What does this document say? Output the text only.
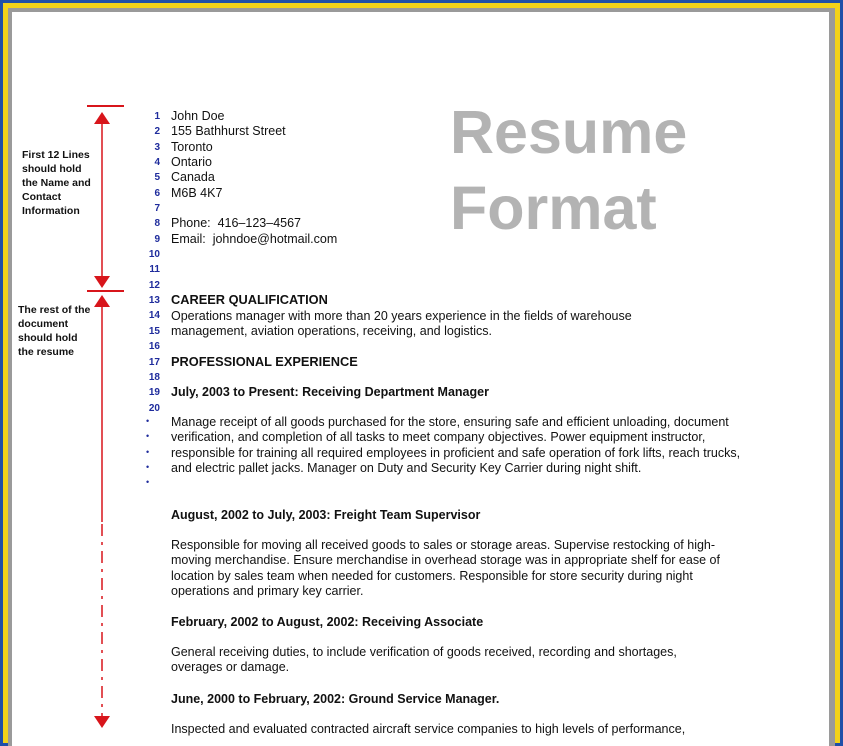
First 12 Lines should hold the Name and Contact Information

The rest of the document should hold the resume

1
2
3
4
5
6
7
8
9
10
11
12
13
14
15
16
17
18
19
20
•
•
•
•
•
Resume
Format
John Doe
155 Bathhurst Street
Toronto
Ontario
Canada
M6B 4K7
Phone: 416–123–4567
Email: johndoe@hotmail.com
CAREER QUALIFICATION

Operations manager with more than 20 years experience in the fields of warehouse management, aviation operations, receiving, and logistics.

PROFESSIONAL EXPERIENCE
July, 2003 to Present: Receiving Department Manager

Manage receipt of all goods purchased for the store, ensuring safe and efficient unloading, document verification, and completion of all tasks to meet company objectives. Power equipment instructor, responsible for training all required employees in proficient and safe operation of fork lifts, reach trucks, and electric pallet jacks. Manager on Duty and Security Key Carrier during night shift.

August, 2002 to July, 2003: Freight Team Supervisor

Responsible for moving all received goods to sales or storage areas. Supervise restocking of high-moving merchandise. Ensure merchandise in overhead storage was in appropriate shelf for ease of location by sales team when needed for customers. Responsible for store security during night operations and primary key carrier.

February, 2002 to August, 2002: Receiving Associate

General receiving duties, to include verification of goods received, recording and shortages, overages or damage.

June, 2000 to February, 2002: Ground Service Manager.

Inspected and evaluated contracted aircraft service companies to high levels of performance,
